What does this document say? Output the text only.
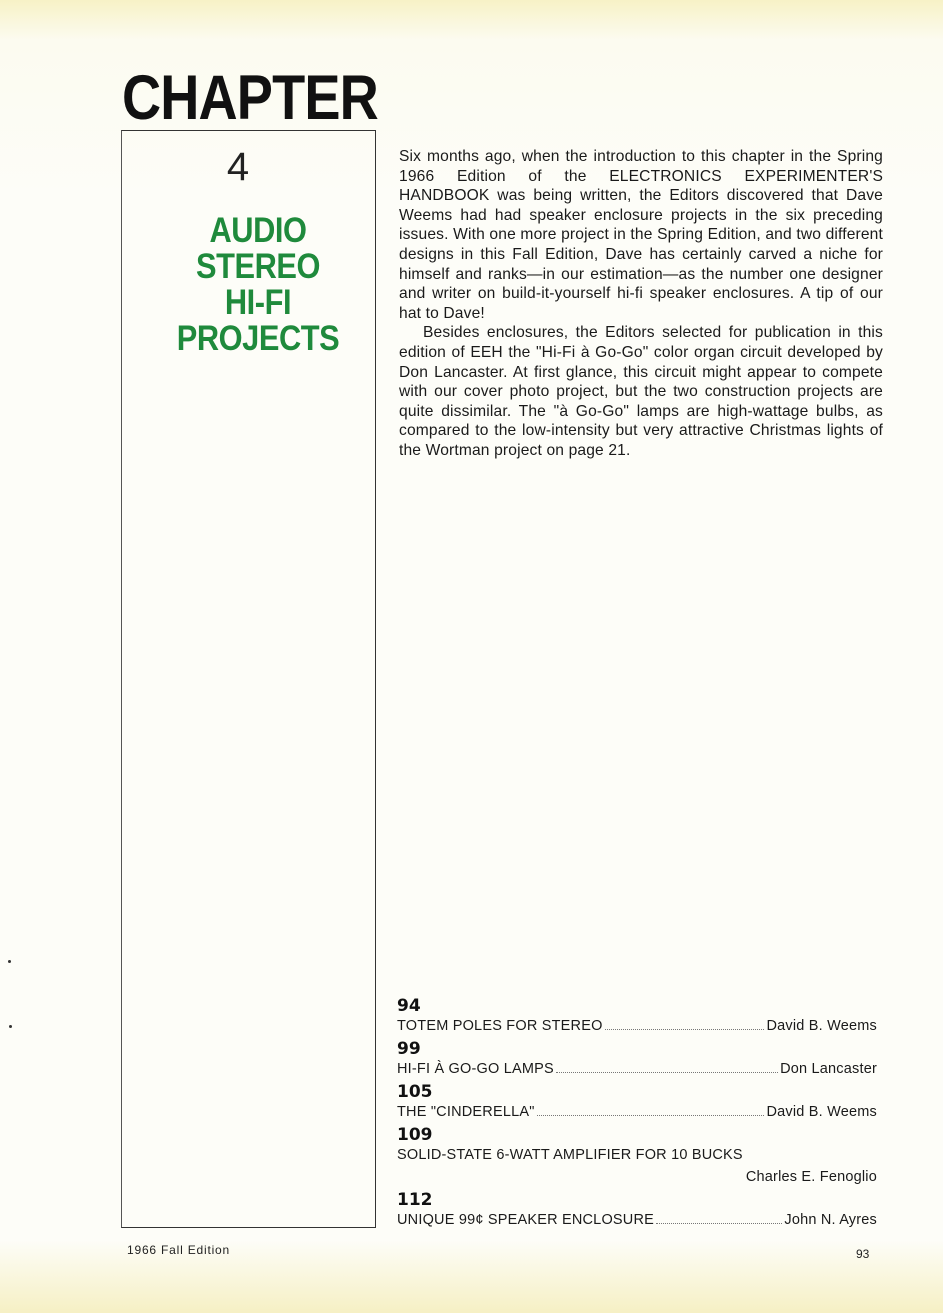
CHAPTER
4
AUDIO
STEREO
HI-FI
PROJECTS

Six months ago, when the introduction to this chapter in the Spring 1966 Edition of the ELECTRONICS EXPERIMENTER'S HANDBOOK was being written, the Editors discovered that Dave Weems had had speaker enclosure projects in the six preceding issues. With one more project in the Spring Edition, and two different designs in this Fall Edition, Dave has certainly carved a niche for himself and ranks—in our estimation—as the number one designer and writer on build-it-yourself hi-fi speaker enclosures. A tip of our hat to Dave!

Besides enclosures, the Editors selected for publication in this edition of EEH the "Hi-Fi à Go-Go" color organ circuit developed by Don Lancaster. At first glance, this circuit might appear to compete with our cover photo project, but the two construction projects are quite dissimilar. The "à Go-Go" lamps are high-wattage bulbs, as compared to the low-intensity but very attractive Christmas lights of the Wortman project on page 21.

94
TOTEM POLES FOR STEREO	David B. Weems
99
HI-FI À GO-GO LAMPS	Don Lancaster
105
THE "CINDERELLA"	David B. Weems
109
SOLID-STATE 6-WATT AMPLIFIER FOR 10 BUCKS
Charles E. Fenoglio
112
UNIQUE 99¢ SPEAKER ENCLOSURE	John N. Ayres
1966 Fall Edition	93
